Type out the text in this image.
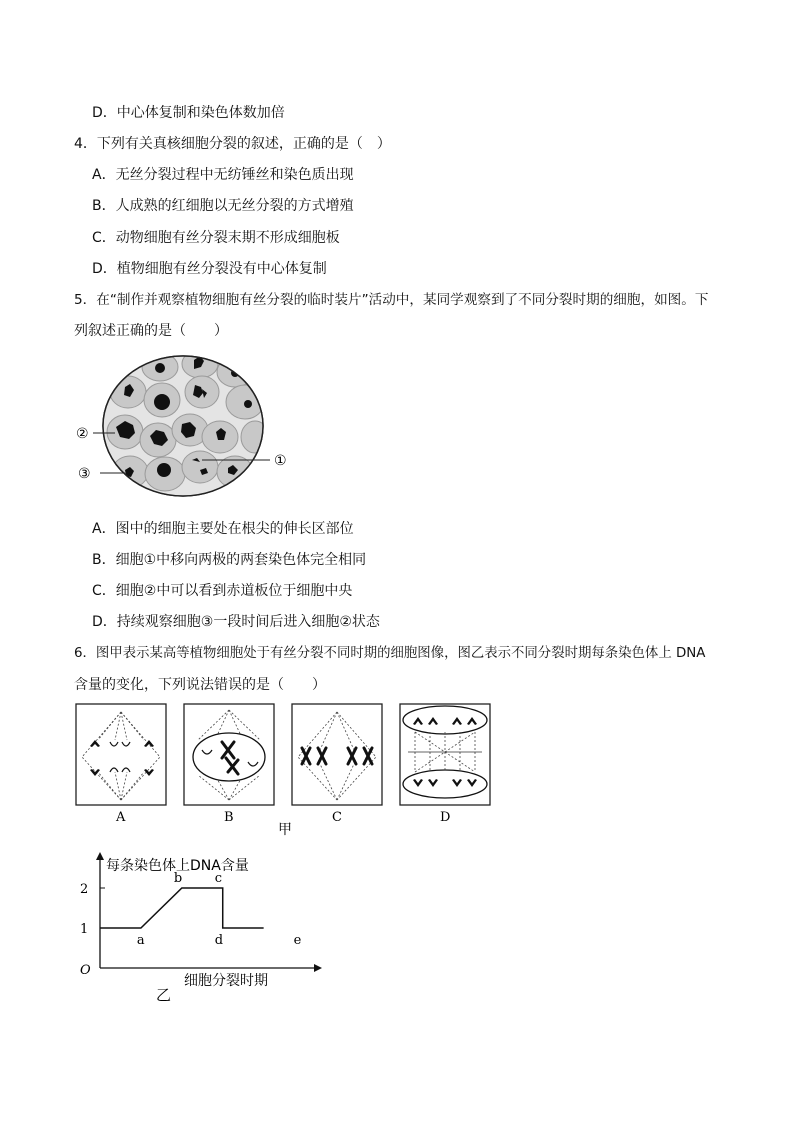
D．中心体复制和染色体数加倍
4．下列有关真核细胞分裂的叙述，正确的是（　）
A．无丝分裂过程中无纺锤丝和染色质出现
B．人成熟的红细胞以无丝分裂的方式增殖
C．动物细胞有丝分裂末期不形成细胞板
D．植物细胞有丝分裂没有中心体复制
5．在“制作并观察植物细胞有丝分裂的临时装片”活动中，某同学观察到了不同分裂时期的细胞，如图。下
列叙述正确的是（　　）
②
③
①
A．图中的细胞主要处在根尖的伸长区部位
B．细胞①中移向两极的两套染色体完全相同
C．细胞②中可以看到赤道板位于细胞中央
D．持续观察细胞③一段时间后进入细胞②状态
6．图甲表示某高等植物细胞处于有丝分裂不同时期的细胞图像，图乙表示不同分裂时期每条染色体上 DNA
含量的变化，下列说法错误的是（　　）
A	B	C	D
甲
每条染色体上DNA含量
细胞分裂时期
O
乙
1
2
a
b	c
d	e
